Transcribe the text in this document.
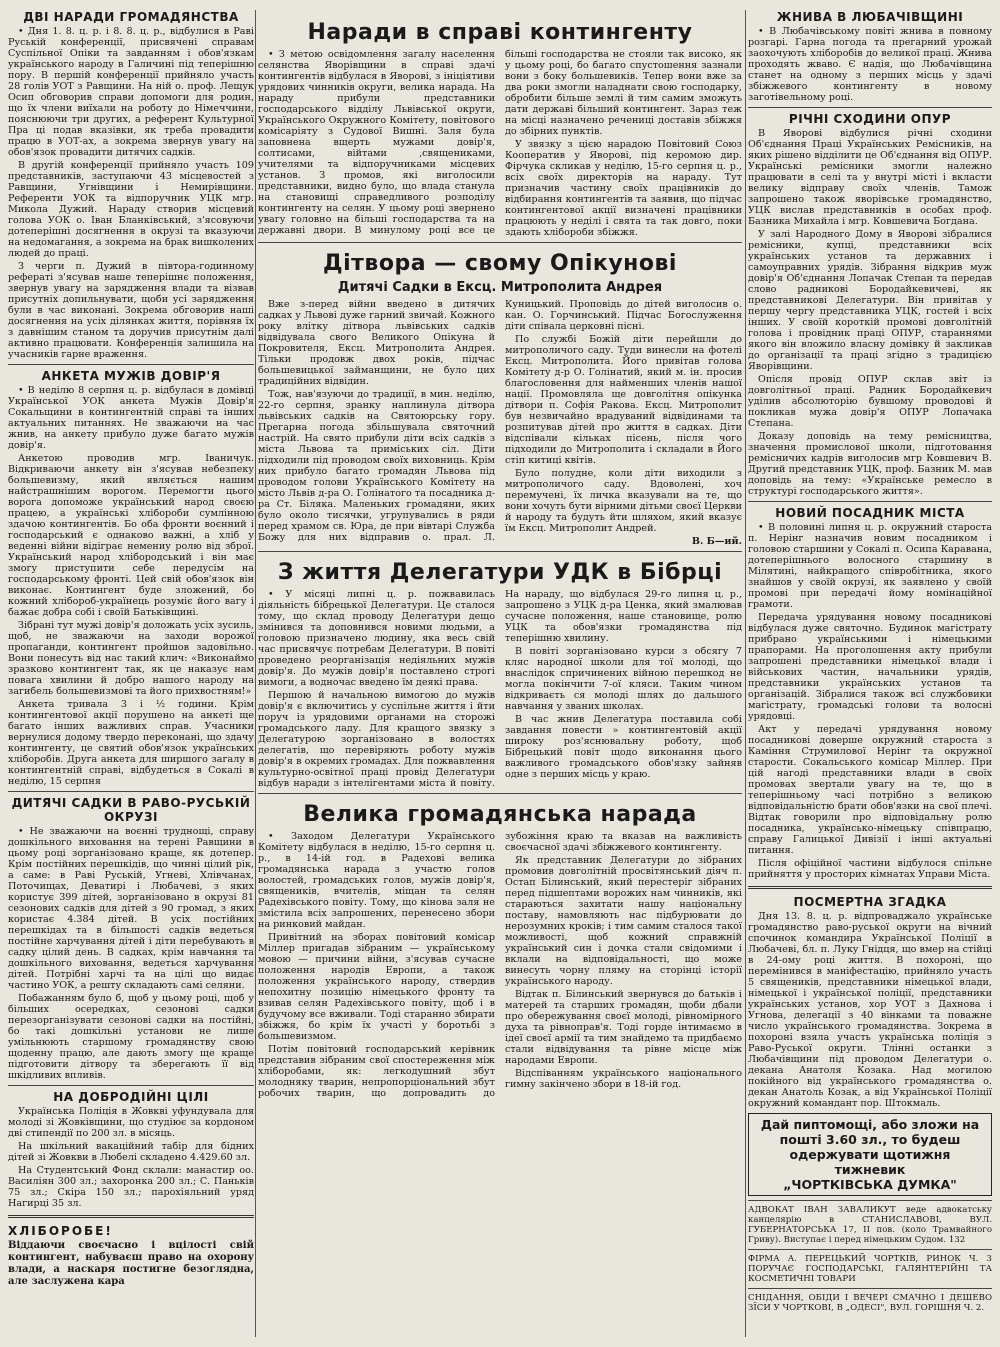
ДВІ НАРАДИ ГРОМАДЯНСТВА

• Дня 1. 8. ц. р. і 8. 8. ц. р., відбулися в Раві Руській конференції, присвячені справам Суспільної Опіки та завданням і обов'язкам українського народу в Галичині під теперішню пору. В першій конференції прийняло участь 28 голів УОТ з Равщини. На ній о. проф. Лещук Осип обговорив справи допомоги для родин, що їх члени виїхали на роботу до Німеччини, пояснюючи три других, а референт Культурної Пра ці подав вказівки, як треба провадити працю в УОТ-ах, а зокрема звернув увагу на обов'язок провадити дитячих садків.

В другій конференції прийняло участь 109 представників, заступаючи 43 місцевостей з Равщини, Угнівщини і Немирівщини. Референти УОК та відпоручник УЦК мгр. Микола Дужий. Нараду створив місцевий голова УОК о. Іван Бланківський, з'ясовуючи дотеперішні досягнення в окрузі та вказуючи на недомагання, а зокрема на брак вишколених людей до праці.

З черги п. Дужий в півтора-годинному рефераті з'ясував наше теперішнє положення, звернув увагу на зарядження влади та візвав присутніх допильнувати, щоби усі зарядження були в час виконані. Зокрема обговорив наші досягнення на усіх ділянках життя, порівняв їх з давнішим станом та доручив присутнім далі активно працювати. Конференція залишила на учасників гарне враження.

АНКЕТА МУЖІВ ДОВІР'Я

• В неділю 8 серпня ц. р. відбулася в домівці Української УОК анкета Мужів Довір'я Сокальщини в контингентній справі та інших актуальних питаннях. Не зважаючи на час жнив, на анкету прибуло дуже багато мужів довір'я.

Анкетою проводив мгр. Іваничук. Відкриваючи анкету він з'ясував небезпеку большевизму, який являється нашим найстрашнішим ворогом. Перемогти цього ворога допоможе український народ своєю працею, а українські хлібороби сумлінною здачою контингентів. Бо оба фронти воєнний і господарський є однаково важні, а хліб у веденні війни відіграє немениу ролю від зброї. Український народ хлібородський і він має змогу приступити себе передусім на господарському фронті. Цей свій обов'язок він виконає. Контингент буде зложений, бо кожний хлібороб-українець розуміє його вагу і бажає добра собі і своїй Батьківщині.

Зібрані тут мужі довір'я доложать усіх зусиль, щоб, не зважаючи на заходи ворожої пропаганди, контингент пройшов задовільно. Вони понесуть від нас такий клич: «Виконаймо зразково контингент так, як це наказує нам повага хвилини й добро нашого народу на загибель большевизмові та його прихвостням!»

Анкета тривала 3 і ½ години. Крім контингентової акції порушено на анкеті ще багато інших важливих справ. Учасники вернулися додому твердо переконані, що здачу контингенту, це святий обов'язок українських хліборобів. Друга анкета для ширшого загалу в контингентній справі, відбудеться в Сокалі в неділю, 15 серпня

ДИТЯЧІ САДКИ В РАВО-РУСЬКІЙ ОКРУЗІ

• Не зважаючи на воєнні труднощі, справу дошкільного виховання на терені Равщини в цьому році зорганізовано краще, як дотепер. Крім постійних перешкідів, що чинні цілий рік, а саме: в Раві Руській, Угневі, Хлівчанах, Поточищах, Деватирі і Любачеві, з яких користує 399 дітей, зорганізовано в окрузі 81 сезонових садків для дітей з 90 громад, з яких користає 4.384 дітей. В усіх постійних перешкідах та в більшості садків ведеться постійне харчування дітей і діти перебувають в садку цілий день. В садках, крім навчання та дошкільного виховання, ведеться харчування дітей. Потрібні харчі та на цілі що видає частино УОК, а решту складають самі селяни.

Побажанням було б, щоб у цьому році, щоб у більших осередках, сезонові садки перезорганізувати сезонові садки на постійні, бо такі дошкільні установи не лише умільнюють старшому громадянству свою щоденну працю, але дають змогу ще краще підготовити дітвору та зберегають її від шкідливих впливів.

НА ДОБРОДІЙНІ ЦІЛІ

Українська Поліція в Жовкві уфундувала для молоді зі Жовківщини, що студіює за кордоном дві стипендії по 200 зл. в місяць.

На шкільний вакаційний табір для бідних дітей зі Жовкви в Любелі складено 4.429.60 зл.

На Студентський Фонд склали: манастир оо. Василіян 300 зл.; захоронка 200 зл.; С. Паньків 75 зл.; Скіра 150 зл.; парохіяльний уряд Нагирці 35 зл.

ХЛІБОРОБЕ!

Віддаючи своєчасно і вцілості свій контингент, набуваєш право на охорону влади, а наскаря постигне безоглядна, але заслужена кара

Наради в справі контингенту

• З метою освідомлення загалу населення селянства Яворівщини в справі здачі контингентів відбулася в Яворові, з ініціятиви урядових чинників округи, велика нарада. На нараду прибули представники господарського відділу Львівської округи, Українського Окружного Комітету, повітового комісаріяту з Судової Вишні. Заля була заповнена вщерть мужами довір'я, солтисами, війтами ,священиками, учителями та відпоручниками місцевих установ. З промов, які виголосили представники, видно було, що влада станула на становищі справедливого розподілу контингенту на селян. У цьому році звернено увагу головно на більші господарства та на державні двори. В минулому році все це більші господарства не стояли так високо, як у цьому році, бо багато спустошення зазнали вони з боку большевиків. Тепер вони вже за два роки змогли наладнати свою господарку, обробити більше землі й тим самим зможуть дати державі більший контингент. Зараз теж на місці назначено речениці доставів збіжжя до збірних пунктів.

У звязку з цією нарадою Повітовий Союз Кооператив у Яворові, під керомою дир. Фірчука скликав у неділю, 15-го серпня ц. р., всіх своїх директорів на нараду. Тут призначив частину своїх працівників до відбирання контингентів та заявив, що підчас контингентової акції визначені працівники працюють у неділі і свята та так довго, поки здають хлібороби збіжжя.

Дітвора — свому Опікунові
Дитячі Садки в Ексц. Митрополита Андрея

Вже з-перед війни введено в дитячих садках у Львові дуже гарний звичай. Кожного року влітку дітвора львівських садків відвідувала свого Великого Опікуна й Покровителя, Ексц. Митрополита Андрея. Тільки продовж двох років, підчас большевицької займанщини, не було цих традиційних відвідин.

Тож, нав'язуючи до традиції, в мин. неділю, 22-го серпня, зранку наплинула дітвора львівських садків на Святоюрську гору. Прегарна погода збільшувала святочний настрій. На свято прибули діти всіх садків з міста Львова та приміських сіл. Діти підходили під проводом своїх виховниць. Крім них прибуло багато громадян Львова під проводом голови Українського Комітету на місто Львів д-ра О. Голінатого та посадника д-ра Ст. Біляка. Маленьких громадяни, яких було около тисячки, угрупувались в ряди перед храмом св. Юра, де при вівтарі Служба Божу для них відправив о. прал. Л. Куницький. Проповідь до дітей виголосив о. кан. О. Горчинський. Підчас Богослуження діти співала церковні пісні.

По службі Божій діти перейшли до митрополичого саду. Туди винесли на фотелі Ексц. Митрополита. Його привітав голова Комітету д-р О. Голінатий, який м. ін. просив благословення для найменших членів нашої нації. Промовляла ще довголітня опікунка дітвори п. Софія Ракова. Ексц. Митрополит був незвичайно врадуваний відвідинами та розпитував дітей про життя в садках. Діти відспівали кільках пісень, після чого підходили до Митрополита і складали в Його стіп китиці квітів.

Було полудне, коли діти виходили з митрополичого саду. Вдоволені, хоч перемучені, їх личка вказували на те, що вони хочуть бути вірними дітьми своєї Церкви й народу та будуть йти шляхом, який вказує їм Ексц. Митрополит Андрей.

В. Б—ий.
З життя Делегатури УДК в Бібрці

• У місяці липні ц. р. пожвавилась діяльність бібрецької Делегатури. Це сталося тому, що склад проводу Делегатури дещо змінився та доповнився новими людьми, а головою призначено людину, яка весь свій час присвячує потребам Делегатури. В повіті проведено реорганізація недіяльних мужів довір'я. До мужів довір'я поставлено строгі вимоги, а водночас введено їм деякі права.

Першою й начальною вимогою до мужів довір'я є включитись у суспільне життя і йти поруч із урядовими органами на сторожі громадського ладу. Для кращого звязку з Делегатурою зорганізовано в волостях делегатів, що перевіряють роботу мужів довір'я в окремих громадах. Для пожвавлення культурно-освітної праці провід Делегатури відбув наради з інтелігентами міста й повіту. На нараду, що відбулася 29-го липня ц. р., запрошено з УЦК д-ра Ценка, який змалював сучасне положення, наше становище, ролю УЦК та обов'язки громадянства під теперішню хвилину.

В повіті зорганізовано курси з обсягу 7 кляс народної школи для тої молоді, що внаслідок спричинених війною перешкод не могла покінчити 7-ої кляси. Таким чином відкриваєть ся молоді шлях до дальшого навчання у званих школах.

В час жнив Делегатура поставила собі завдання повести » контингентовій акції широку роз'яснювальну роботу, щоб Бібрецький повіт щодо виконання цього важливого громадського обов'язку зайняв одне з перших місць у краю.

Велика громадянська нарада

• Заходом Делегатури Українського Комітету відбулася в неділю, 15-го серпня ц. р., в 14-ій год. в Радехові велика громадянська нарада з участю голов волостей, громадських голов, мужів довір'я, священиків, вчителів, міщан та селян Радехівського повіту. Тому, що кінова заля не змістила всіх запрошених, перенесено збори на ринковий майдан.

Привітний на зборах повітовий комісар Міллер пригадав зібраним — українському мовою — причини війни, з'ясував сучасне положення народів Европи, а також положення українського народу, ствердив непохитну позицію німецького фронту та взивав селян Радехівського повіту, щоб і в будучому все вживали. Тоді старанно збирати збіжжя, бо крім їх участі у боротьбі з большевизмом.

Потім повітовий господарський керівник представив зібраним свої спостереження між хліборобами, як: легкодушний збут молодняку тварин, непропорціональний збут робочих тварин, що допровадить до зубожіння краю та вказав на важливість своєчасної здачі збіжжевого контингенту.

Як представник Делегатури до зібраних промовив довголітній просвітянський діяч п. Остап Білинський, який перестеріг зібраних перед підшептами ворожих нам чинників, які стараються захитати нашу національну поставу, намовляють нас підбурювати до нерозумних кроків; і тим самим сталося такої можливості, щоб кожний справжній український син і дочка стали свідомими і вклали на відповідальності, що може винесуть чорну пляму на сторінці історії українського народу.

Відтак п. Білинський звернувся до батьків і матерей та старших громадян, щоби дбали про обережування своєї молоді, рівномірного духа та рівноправ'я. Тоді горде інтимаємо в ідеї своєї армії та тим знайдемо та придбаємо стали відвідування та рівне місце між народами Европи.

Відспіванням українського національного гимну закінчено збори в 18-ій год.

ЖНИВА В ЛЮБАЧІВЩИНІ

• В Любачівському повіті жнива в повному розгарі. Гарна погода та прегарний урожай заохочують хліборобів до великої праці. Жнива проходять жваво. Є надія, що Любачівщина станет на одному з перших місць у здачі збіжжевого контингенту в новому заготівельному році.

РІЧНІ СХОДИНИ ОПУР

В Яворові відбулися річні сходини Об'єднання Праці Українських Ремісників, на яких рішено відділити це Об'єднання від ОПУР. Українські ремісники змогли належно працювати в селі та у внутрі місті і вкласти велику відправу своїх членів. Тамож запрошено також яворівське громадянство, УЦК вислав представників в особах проф. Базника Михайла і мгр. Ковшевича Богдана.

У залі Народного Дому в Яворові зібралися ремісники, купці, представники всіх українських установ та державних і самоуправних урядів. Зібрання відкрив муж довір'я Об'єднання Лопачак Степан та передав слово радникові Бородайкевичеві, як представникові Делегатури. Він привітав у першу чергу представника УЦК, гостей і всіх інших. У своїй короткій промові довголітній голова і провідник праці ОПУР, стараннями якого він вложило власну домівку й закликав до організації та праці згідно з традицією Яворівщини.

Опісля провід ОПУР склав звіт із довголітньої праці. Радник Бородайкевич уділив абсолюторію бувшому проводові й покликав мужа довір'я ОПУР Лопачака Степана.

Доказу доповідь на тему ремісництва, значення промислової школи, підготовання ремісничих кадрів виголосив мгр Ковшевич В. Другий представник УЦК, проф. Базник М. мав доповідь на тему: «Українське ремесло в структурі господарського життя».

НОВИЙ ПОСАДНИК МІСТА

• В половині липня ц. р. окружний староста п. Нерінг назначив новим посадником і головою старшини у Сокалі п. Осипа Каравана, дотеперішнього волосного старшину в Мілятині, найкращого співробітника, якого знайшов у своїй окрузі, як заявлено у своїй промові при передачі йому номінаційної грамоти.

Передача урядування новому посадникові відбулася дуже святочно. Будинок магістрату прибрано українськими і німецькими прапорами. На проголошення акту прибули запрошені представники німецької влади і військових частин, начальники урядів, представники українських установ та організацій. Зібралися також всі службовики магістрату, громадські голови та волосні урядовці.

Акт у передачі урядування новому посадникові доверше окружний староста з Каміння Струмилової Нерінг та окружної старости. Сокальського комісар Міллер. При цій нагоді представники влади в своїх промовах звертали увагу на те, що в теперішньому часі потрібно з великою відповідальністю брати обов'язки на свої плечі. Відтак говорили про відповідальну ролю посадника, українсько-німецьку співпрацю, справу Галицької Дивізії і інші актуальні питання.

Після офіційної частини відбулося спільне прийняття у просторих кімнатах Управи Міста.

ПОСМЕРТНА ЗГАДКА

Дня 13. 8. ц. р. відпроваджало українське громадянство раво-руської округи на вічний спочинок командира Української Поліції в Любачеві, бл. п. Луку Гнідця, що вмер на стійці в 24-ому році життя. В похороні, що перемінився в маніфестацію, прийняло участь 5 священиків, представники німецької влади, німецької і української поліції, представники українських установ, хор УОТ з Дахнова і Угнова, делегації з 40 вінками та поважне число українського громадянства. Зокрема в похороні взяла участь українська поліція з Раво-Руської округи. Тлінні останки з Любачівщини під проводом Делегатури о. декана Анатоля Козака. Над могилою покійного від українського громадянства о. декан Анатоль Козак, а від Української Поліції окружний командант пор. Штокмаль.

Дай пиптомощі, або зложи на пошті 3.60 зл., то будеш одержувати щотижня тижневик
„ЧОРТКІВСЬКА ДУМКА"
АДВОКАТ ІВАН ЗАВАЛИКУТ веде адвокатську канцелярію в СТАНИСЛАВОВІ, ВУЛ. ГУБЕРНАТОРСЬКА 17, II пов. (коло Трамвайного Гриву). Виступає і перед німецьким Судом. 132
ФІРМА А. ПЕРЕЦЬКИЙ ЧОРТКІВ, РИНОК Ч. 3 ПОРУЧАЄ ГОСПОДАРСЬКІ, ГАЛЯНТЕРІЙНІ ТА КОСМЕТИЧНІ ТОВАРИ
СНІДАННЯ, ОБІДИ І ВЕЧЕРІ СМАЧНО І ДЕШЕВО ЗЇСИ У ЧОРТКОВІ, В „ОДЕСІ", ВУЛ. ГОРІШНЯ Ч. 2.
